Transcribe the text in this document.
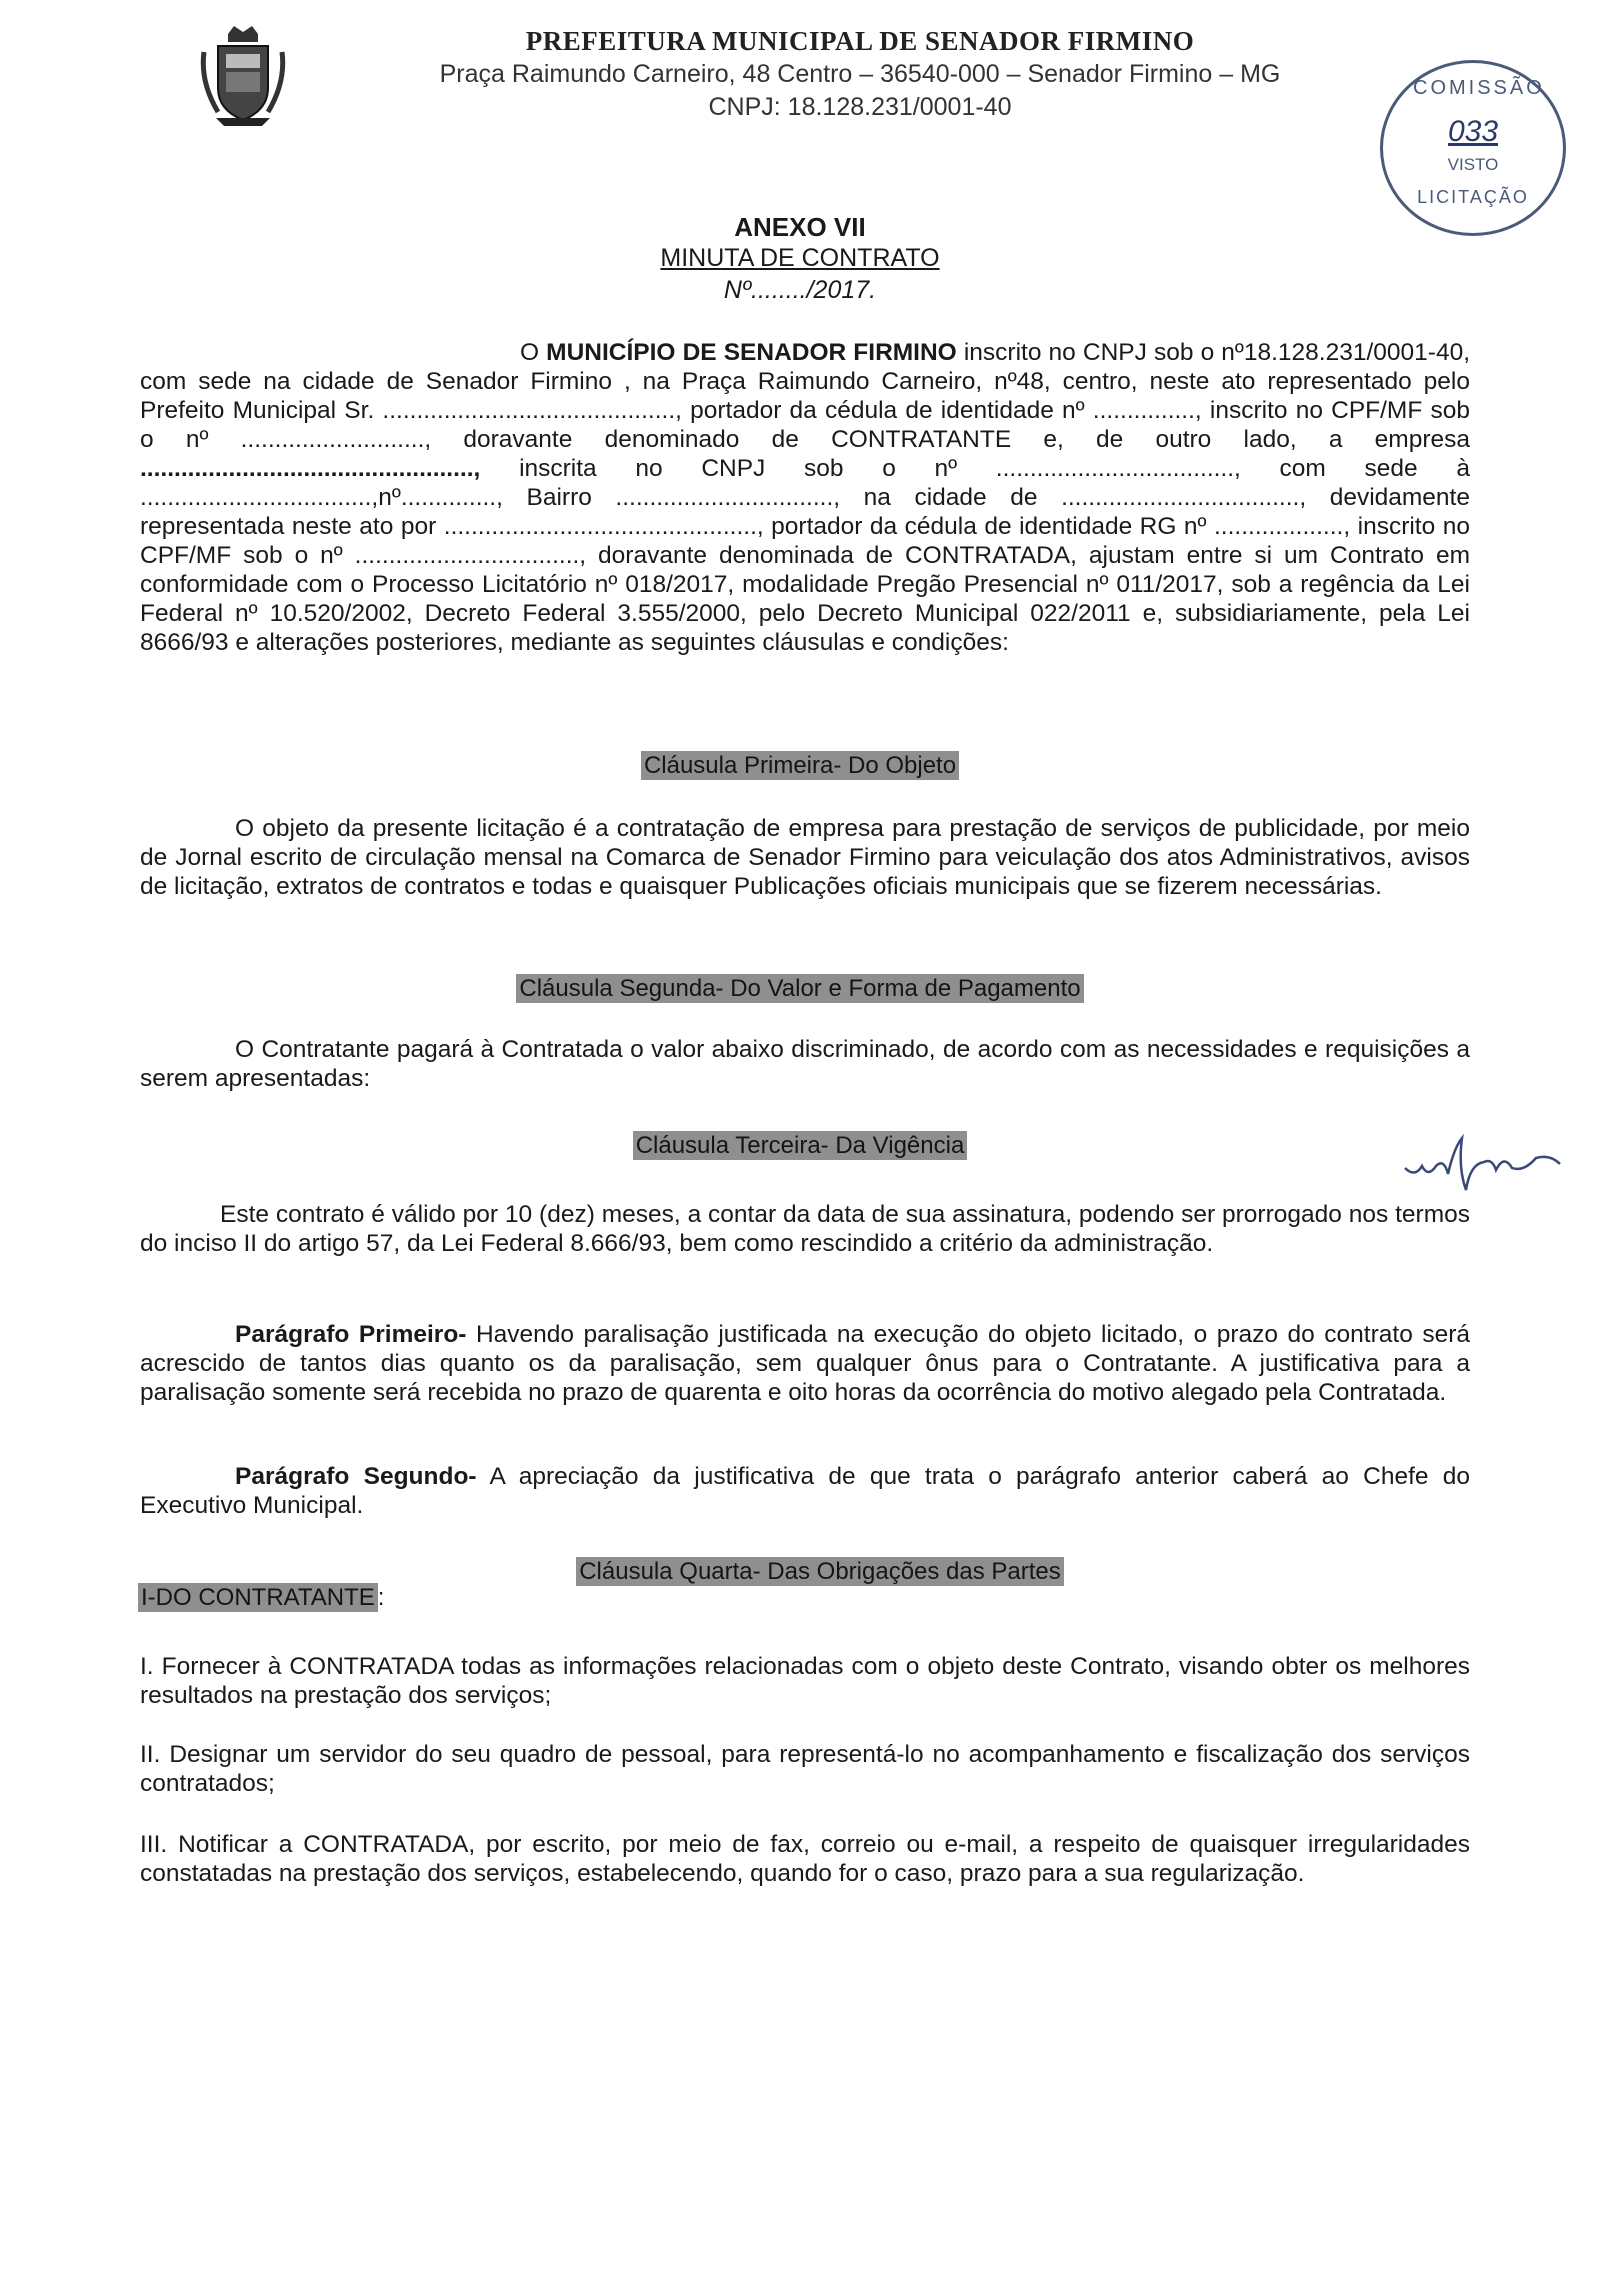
PREFEITURA MUNICIPAL DE SENADOR FIRMINO
Praça Raimundo Carneiro, 48 Centro – 36540-000 – Senador Firmino – MG
CNPJ: 18.128.231/0001-40
COMISSÃO
033
VISTO
LICITAÇÃO
ANEXO VII
MINUTA DE CONTRATO
Nº......../2017.
O MUNICÍPIO DE SENADOR FIRMINO inscrito no CNPJ sob o nº18.128.231/0001-40, com sede na cidade de Senador Firmino , na Praça Raimundo Carneiro, nº48, centro, neste ato representado pelo Prefeito Municipal Sr. ..........................................., portador da cédula de identidade nº ..............., inscrito no CPF/MF sob o nº ..........................., doravante denominado de CONTRATANTE e, de outro lado, a empresa ................................................., inscrita no CNPJ sob o nº ..................................., com sede à ..................................,nº.............., Bairro ................................, na cidade de ..................................., devidamente representada neste ato por .............................................., portador da cédula de identidade RG nº ..................., inscrito no CPF/MF sob o nº ................................., doravante denominada de CONTRATADA, ajustam entre si um Contrato em conformidade com o Processo Licitatório nº 018/2017, modalidade Pregão Presencial nº 011/2017, sob a regência da Lei Federal nº 10.520/2002, Decreto Federal 3.555/2000, pelo Decreto Municipal 022/2011 e, subsidiariamente, pela Lei 8666/93 e alterações posteriores, mediante as seguintes cláusulas e condições:
Cláusula Primeira- Do Objeto
O objeto da presente licitação é a contratação de empresa para prestação de serviços de publicidade, por meio de Jornal escrito de circulação mensal na Comarca de Senador Firmino para veiculação dos atos Administrativos, avisos de licitação, extratos de contratos e todas e quaisquer Publicações oficiais municipais que se fizerem necessárias.
Cláusula Segunda- Do Valor e Forma de Pagamento
O Contratante pagará à Contratada o valor abaixo discriminado, de acordo com as necessidades e requisições a serem apresentadas:
Cláusula Terceira- Da Vigência
Este contrato é válido por 10 (dez) meses, a contar da data de sua assinatura, podendo ser prorrogado nos termos do inciso II do artigo 57, da Lei Federal 8.666/93, bem como rescindido a critério da administração.
Parágrafo Primeiro- Havendo paralisação justificada na execução do objeto licitado, o prazo do contrato será acrescido de tantos dias quanto os da paralisação, sem qualquer ônus para o Contratante. A justificativa para a paralisação somente será recebida no prazo de quarenta e oito horas da ocorrência do motivo alegado pela Contratada.
Parágrafo Segundo- A apreciação da justificativa de que trata o parágrafo anterior caberá ao Chefe do Executivo Municipal.
Cláusula Quarta- Das Obrigações das Partes
I-DO CONTRATANTE :
I. Fornecer à CONTRATADA todas as informações relacionadas com o objeto deste Contrato, visando obter os melhores resultados na prestação dos serviços;
II. Designar um servidor do seu quadro de pessoal, para representá-lo no acompanhamento e fiscalização dos serviços contratados;
III. Notificar a CONTRATADA, por escrito, por meio de fax, correio ou e-mail, a respeito de quaisquer irregularidades constatadas na prestação dos serviços, estabelecendo, quando for o caso, prazo para a sua regularização.
